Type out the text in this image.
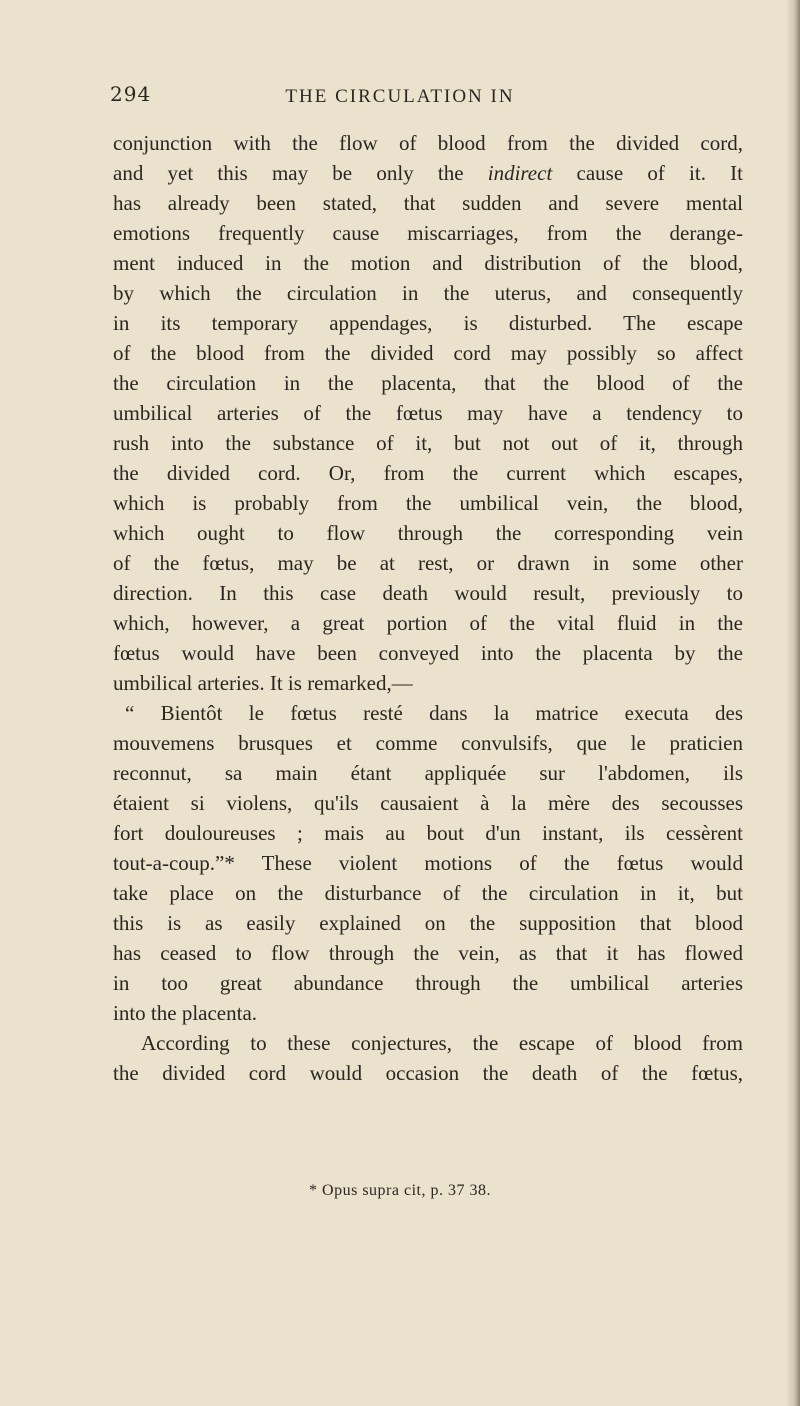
294	THE CIRCULATION IN
conjunction with the flow of blood from the divided cord,
and yet this may be only the indirect cause of it. It
has already been stated, that sudden and severe mental
emotions frequently cause miscarriages, from the derange-
ment induced in the motion and distribution of the blood,
by which the circulation in the uterus, and consequently
in its temporary appendages, is disturbed. The escape
of the blood from the divided cord may possibly so affect
the circulation in the placenta, that the blood of the
umbilical arteries of the fœtus may have a tendency to
rush into the substance of it, but not out of it, through
the divided cord. Or, from the current which escapes,
which is probably from the umbilical vein, the blood,
which ought to flow through the corresponding vein
of the fœtus, may be at rest, or drawn in some other
direction. In this case death would result, previously to
which, however, a great portion of the vital fluid in the
fœtus would have been conveyed into the placenta by the
umbilical arteries. It is remarked,—
“ Bientôt le fœtus resté dans la matrice executa des
mouvemens brusques et comme convulsifs, que le praticien
reconnut, sa main étant appliquée sur l'abdomen, ils
étaient si violens, qu'ils causaient à la mère des secousses
fort douloureuses ; mais au bout d'un instant, ils cessèrent
tout-a-coup.”* These violent motions of the fœtus would
take place on the disturbance of the circulation in it, but
this is as easily explained on the supposition that blood
has ceased to flow through the vein, as that it has flowed
in too great abundance through the umbilical arteries
into the placenta.
According to these conjectures, the escape of blood from
the divided cord would occasion the death of the fœtus,
* Opus supra cit, p. 37 38.
